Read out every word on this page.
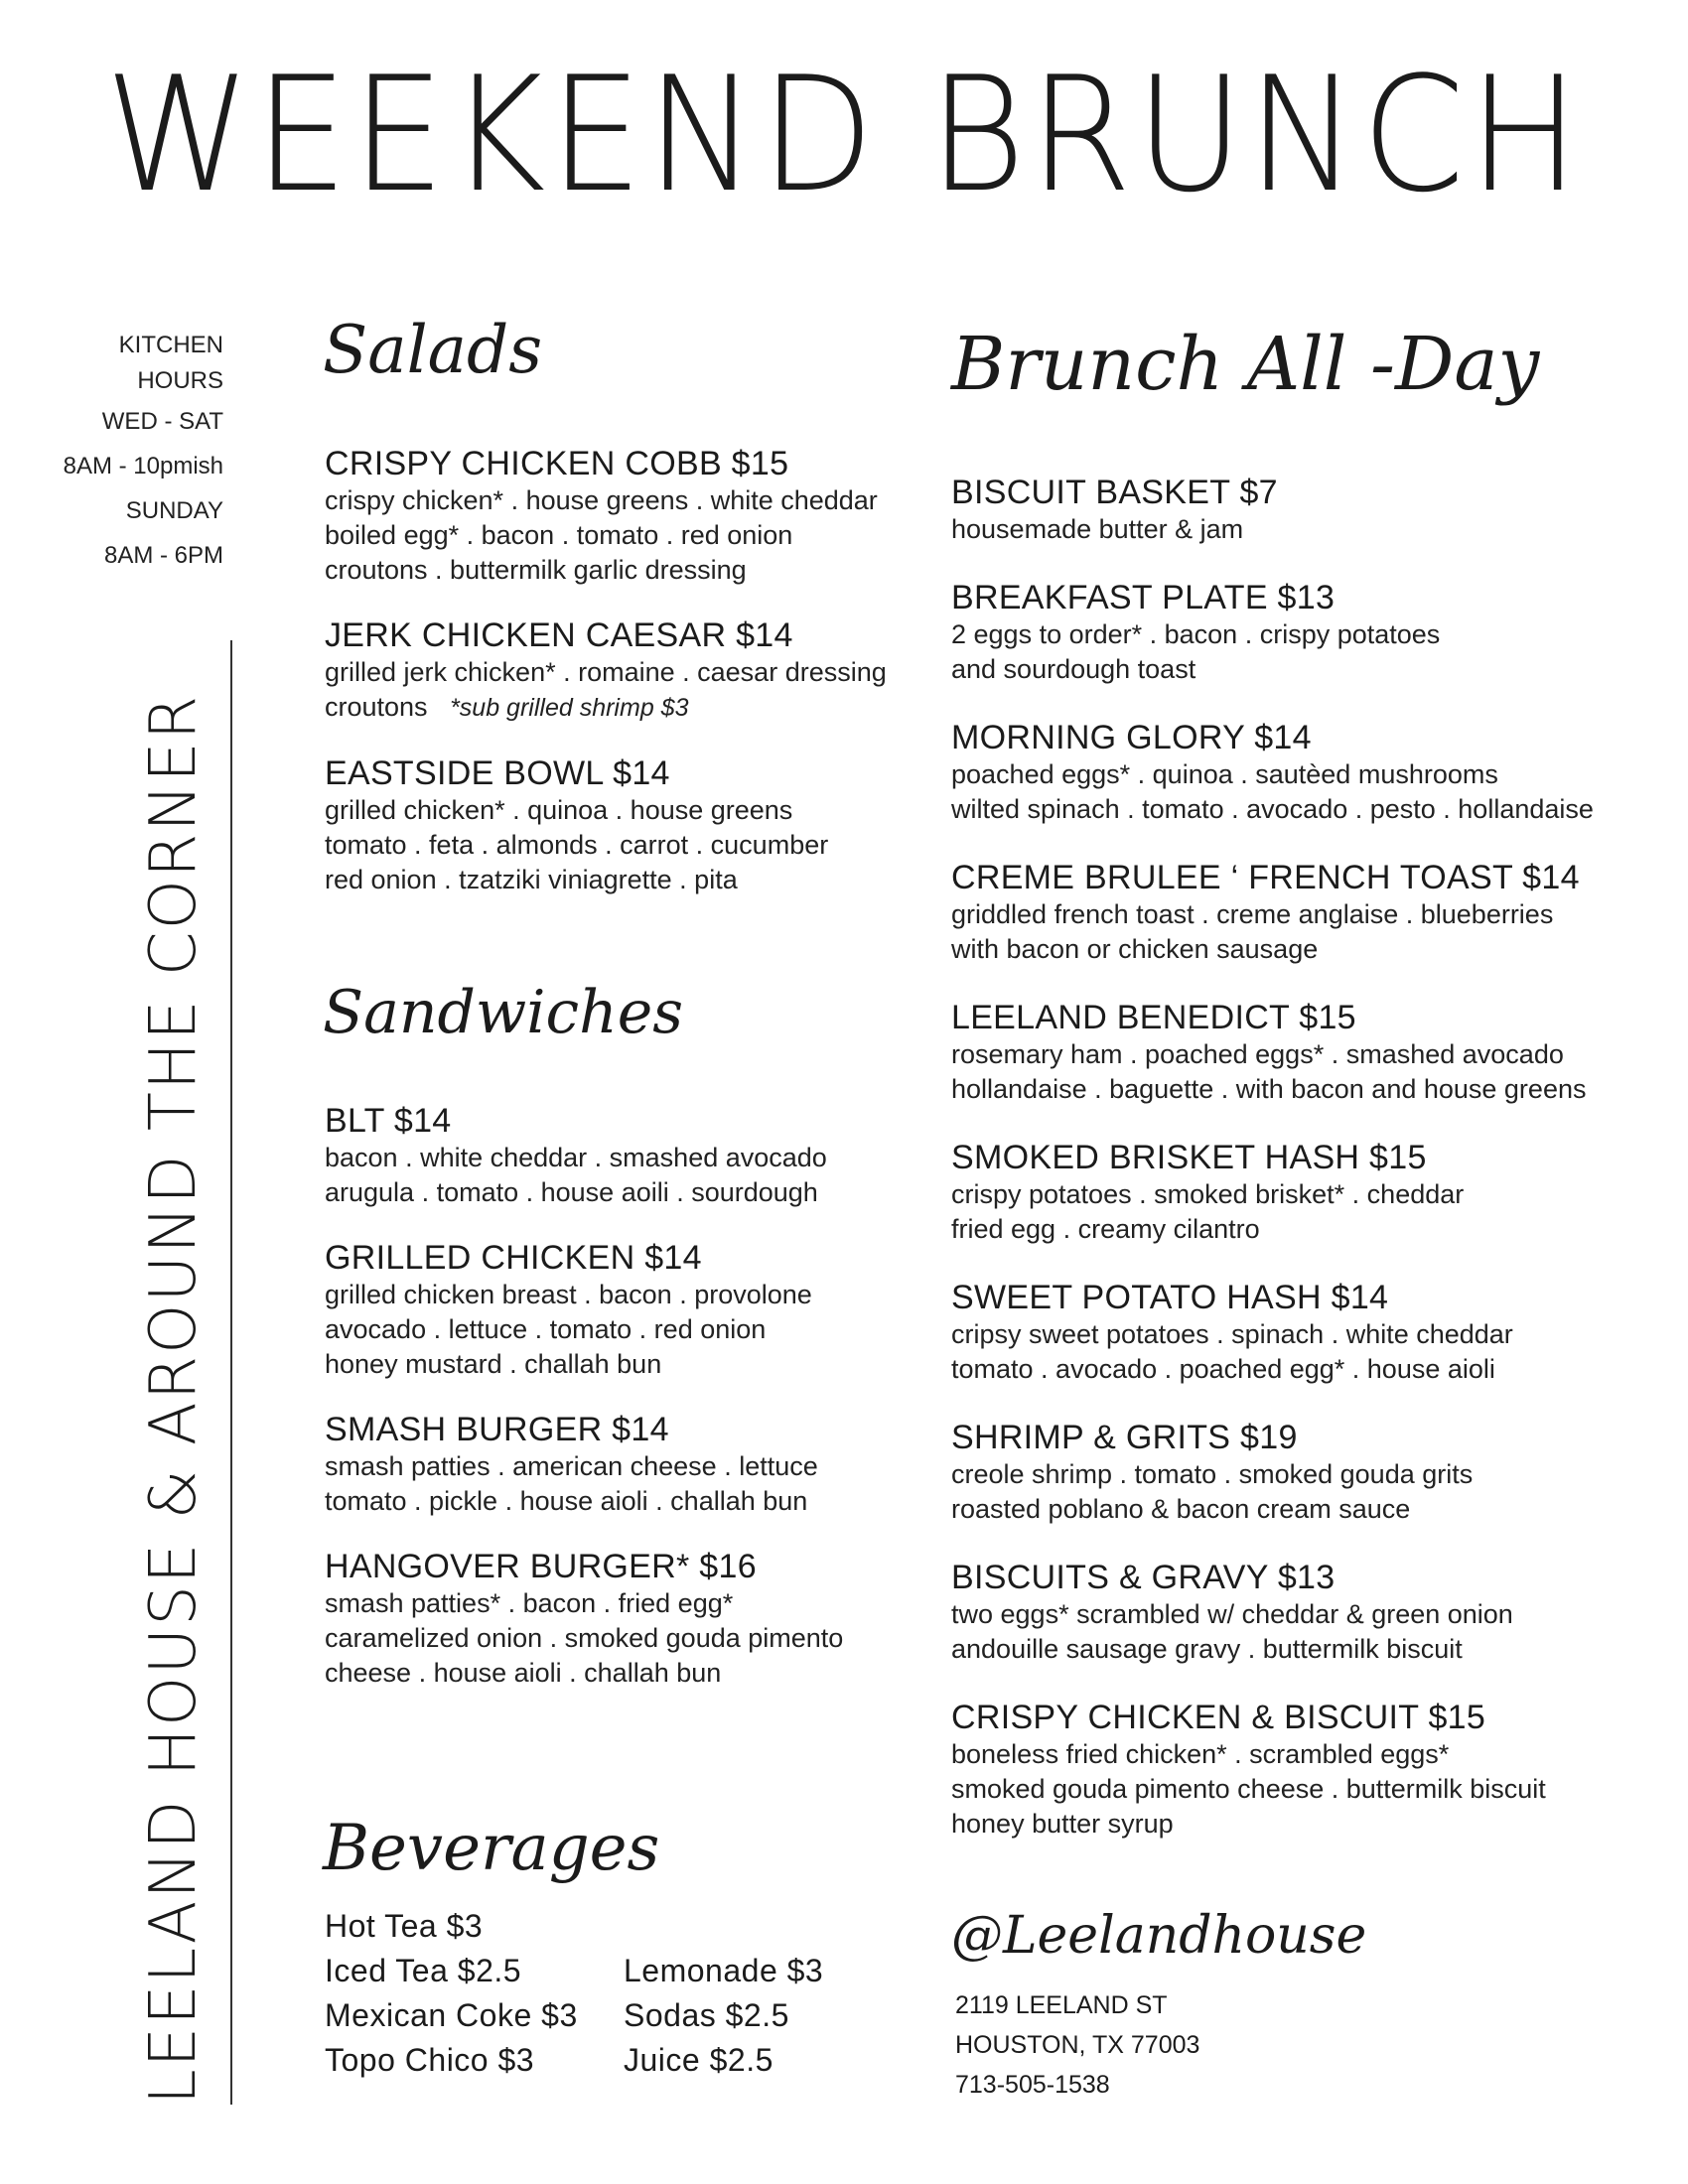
WEEKEND BRUNCH
KITCHEN
HOURS
WED - SAT
8AM - 10pmish
SUNDAY
8AM - 6PM
LEELAND HOUSE & AROUND THE CORNER
Salads
CRISPY CHICKEN COBB $15
crispy chicken* . house greens . white cheddar
boiled egg* . bacon . tomato . red onion
croutons . buttermilk garlic dressing
JERK CHICKEN CAESAR $14
grilled jerk chicken* . romaine . caesar dressing
croutons *sub grilled shrimp $3
EASTSIDE BOWL $14
grilled chicken* . quinoa . house greens
tomato . feta . almonds . carrot . cucumber
red onion . tzatziki viniagrette . pita
Sandwiches
BLT $14
bacon . white cheddar . smashed avocado
arugula . tomato . house aoili . sourdough
GRILLED CHICKEN $14
grilled chicken breast . bacon . provolone
avocado . lettuce . tomato . red onion
honey mustard . challah bun
SMASH BURGER $14
smash patties . american cheese . lettuce
tomato . pickle . house aioli . challah bun
HANGOVER BURGER* $16
smash patties* . bacon . fried egg*
caramelized onion . smoked gouda pimento
cheese . house aioli . challah bun
Beverages
Hot Tea $3
Iced Tea $2.5
Mexican Coke $3
Topo Chico $3
Lemonade $3
Sodas $2.5
Juice $2.5
Brunch All -Day
BISCUIT BASKET $7
housemade butter & jam
BREAKFAST PLATE $13
2 eggs to order* . bacon . crispy potatoes
and sourdough toast
MORNING GLORY $14
poached eggs* . quinoa . sautèed mushrooms
wilted spinach . tomato . avocado . pesto . hollandaise
CREME BRULEE ‘ FRENCH TOAST $14
griddled french toast . creme anglaise . blueberries
with bacon or chicken sausage
LEELAND BENEDICT $15
rosemary ham . poached eggs* . smashed avocado
hollandaise . baguette . with bacon and house greens
SMOKED BRISKET HASH $15
crispy potatoes . smoked brisket* . cheddar
fried egg . creamy cilantro
SWEET POTATO HASH $14
cripsy sweet potatoes . spinach . white cheddar
tomato . avocado . poached egg* . house aioli
SHRIMP & GRITS $19
creole shrimp . tomato . smoked gouda grits
roasted poblano & bacon cream sauce
BISCUITS & GRAVY $13
two eggs* scrambled w/ cheddar & green onion
andouille sausage gravy . buttermilk biscuit
CRISPY CHICKEN & BISCUIT $15
boneless fried chicken* . scrambled eggs*
smoked gouda pimento cheese . buttermilk biscuit
honey butter syrup
@Leelandhouse
2119 LEELAND ST
HOUSTON, TX 77003
713-505-1538
